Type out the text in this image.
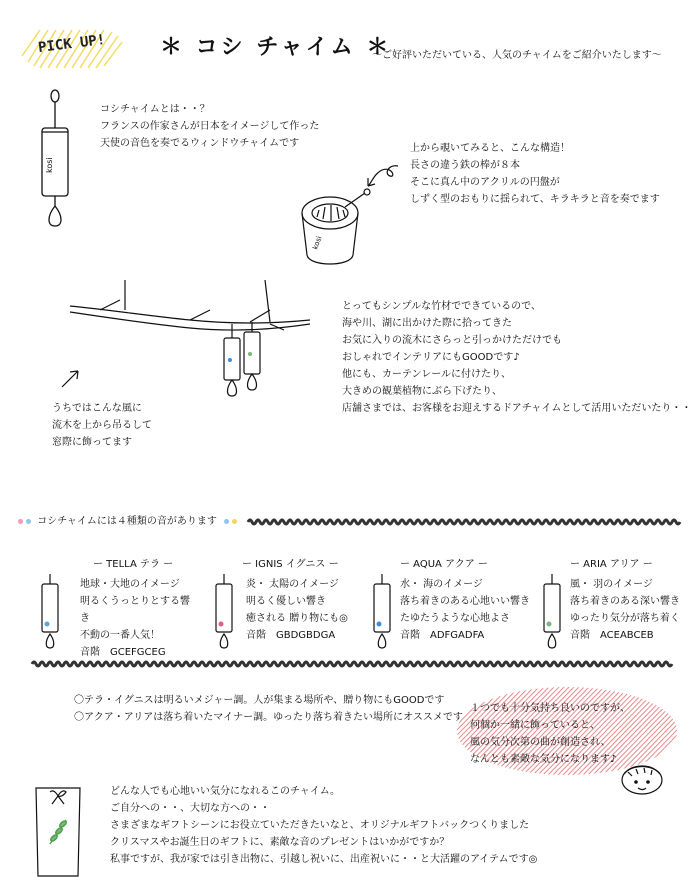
PICK UP! ＊ コシ チャイム ＊
〜ご好評いただいている、人気のチャイムをご紹介いたします〜
kosi
コシチャイムとは・・？
フランスの作家さんが日本をイメージして作った
天使の音色を奏でるウィンドウチャイムです	上から覗いてみると、こんな構造！
長さの違う鉄の棒が８本
そこに真ん中のアクリルの円盤が
しずく型のおもりに揺られて、キラキラと音を奏でます
kosi
とってもシンプルな竹材でできているので、
海や川、湖に出かけた際に拾ってきた
お気に入りの流木にさらっと引っかけただけでも
おしゃれでインテリアにもGOODです♪
他にも、カーテンレールに付けたり、
大きめの観葉植物にぶら下げたり、
店舗さまでは、お客様をお迎えするドアチャイムとして活用いただいたり・・
うちではこんな風に
流木を上から吊るして
窓際に飾ってます
コシチャイムには４種類の音があります
ー TELLA テラ ー
地球・大地のイメージ
明るくうっとりとする響き
不動の一番人気！
音階　GCEFGCEG
ー IGNIS イグニス ー
炎・ 太陽のイメージ
明るく優しい響き
癒される 贈り物にも◎
音階　GBDGBDGA
ー AQUA アクア ー
水・ 海のイメージ
落ち着きのある心地いい響き
たゆたうような心地よさ
音階　ADFGADFA
ー ARIA アリア ー
風・ 羽のイメージ
落ち着きのある深い響き
ゆったり気分が落ち着く
音階　ACEABCEB
〇テラ・イグニスは明るいメジャー調。人が集まる場所や、贈り物にもGOODです
〇アクア・アリアは落ち着いたマイナー調。ゆったり落ち着きたい場所にオススメです
１つでも十分気持ち良いのですが、
何個か一緒に飾っていると、
風の気分次第の曲が創造され、
なんとも素敵な気分になります♪
どんな人でも心地いい気分になれるこのチャイム。
ご自分への・・、大切な方への・・
さまざまなギフトシーンにお役立ていただきたいなと、オリジナルギフトバックつくりました
クリスマスやお誕生日のギフトに、素敵な音のプレゼントはいかがですか？
私事ですが、我が家では引き出物に、引越し祝いに、出産祝いに・・と大活躍のアイテムです◎
